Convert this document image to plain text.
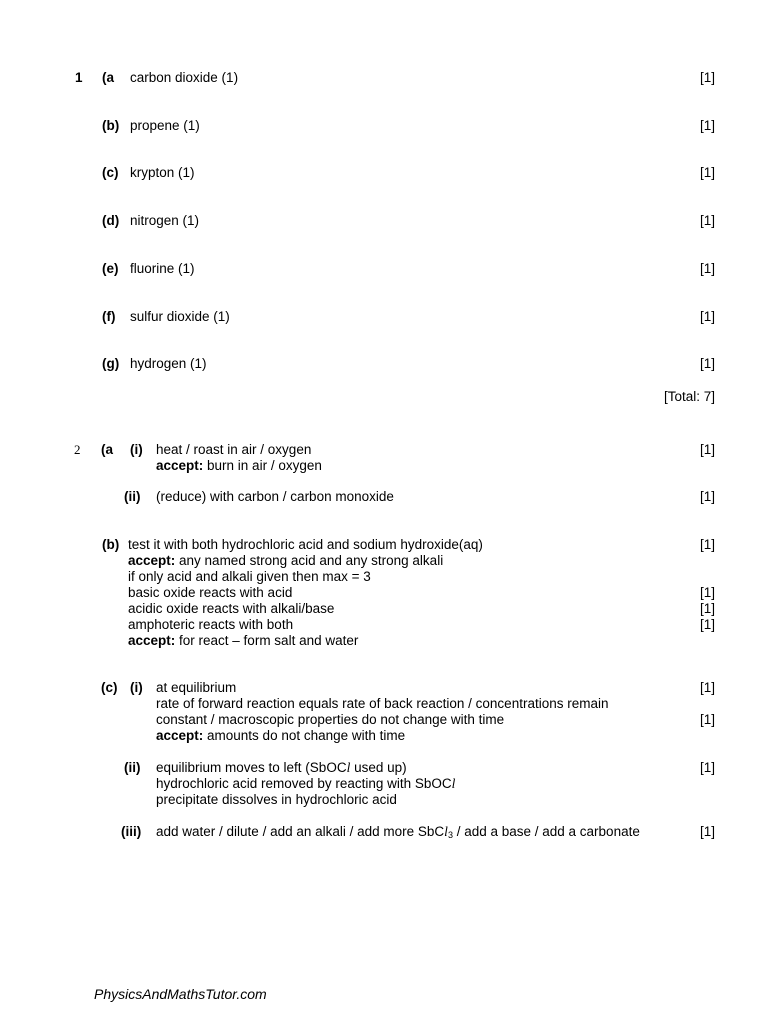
1 (a carbon dioxide (1)	[1]
(b) propene (1)	[1]
(c) krypton (1)	[1]
(d) nitrogen (1)	[1]
(e) fluorine (1)	[1]
(f) sulfur dioxide (1)	[1]
(g) hydrogen (1)	[1]
[Total: 7]
2 (a (i) heat / roast in air / oxygen	[1]
accept: burn in air / oxygen
(ii) (reduce) with carbon / carbon monoxide	[1]
(b) test it with both hydrochloric acid and sodium hydroxide(aq)	[1]
accept: any named strong acid and any strong alkali
if only acid and alkali given then max = 3
basic oxide reacts with acid	[1]
acidic oxide reacts with alkali/base	[1]
amphoteric reacts with both	[1]
accept: for react – form salt and water
(c) (i) at equilibrium	[1]
rate of forward reaction equals rate of back reaction / concentrations remain
constant / macroscopic properties do not change with time	[1]
accept: amounts do not change with time
(ii) equilibrium moves to left (SbOCl used up)	[1]
hydrochloric acid removed by reacting with SbOCl
precipitate dissolves in hydrochloric acid
(iii) add water / dilute / add an alkali / add more SbCl$_3$ / add a base / add a carbonate	[1]
PhysicsAndMathsTutor.com
